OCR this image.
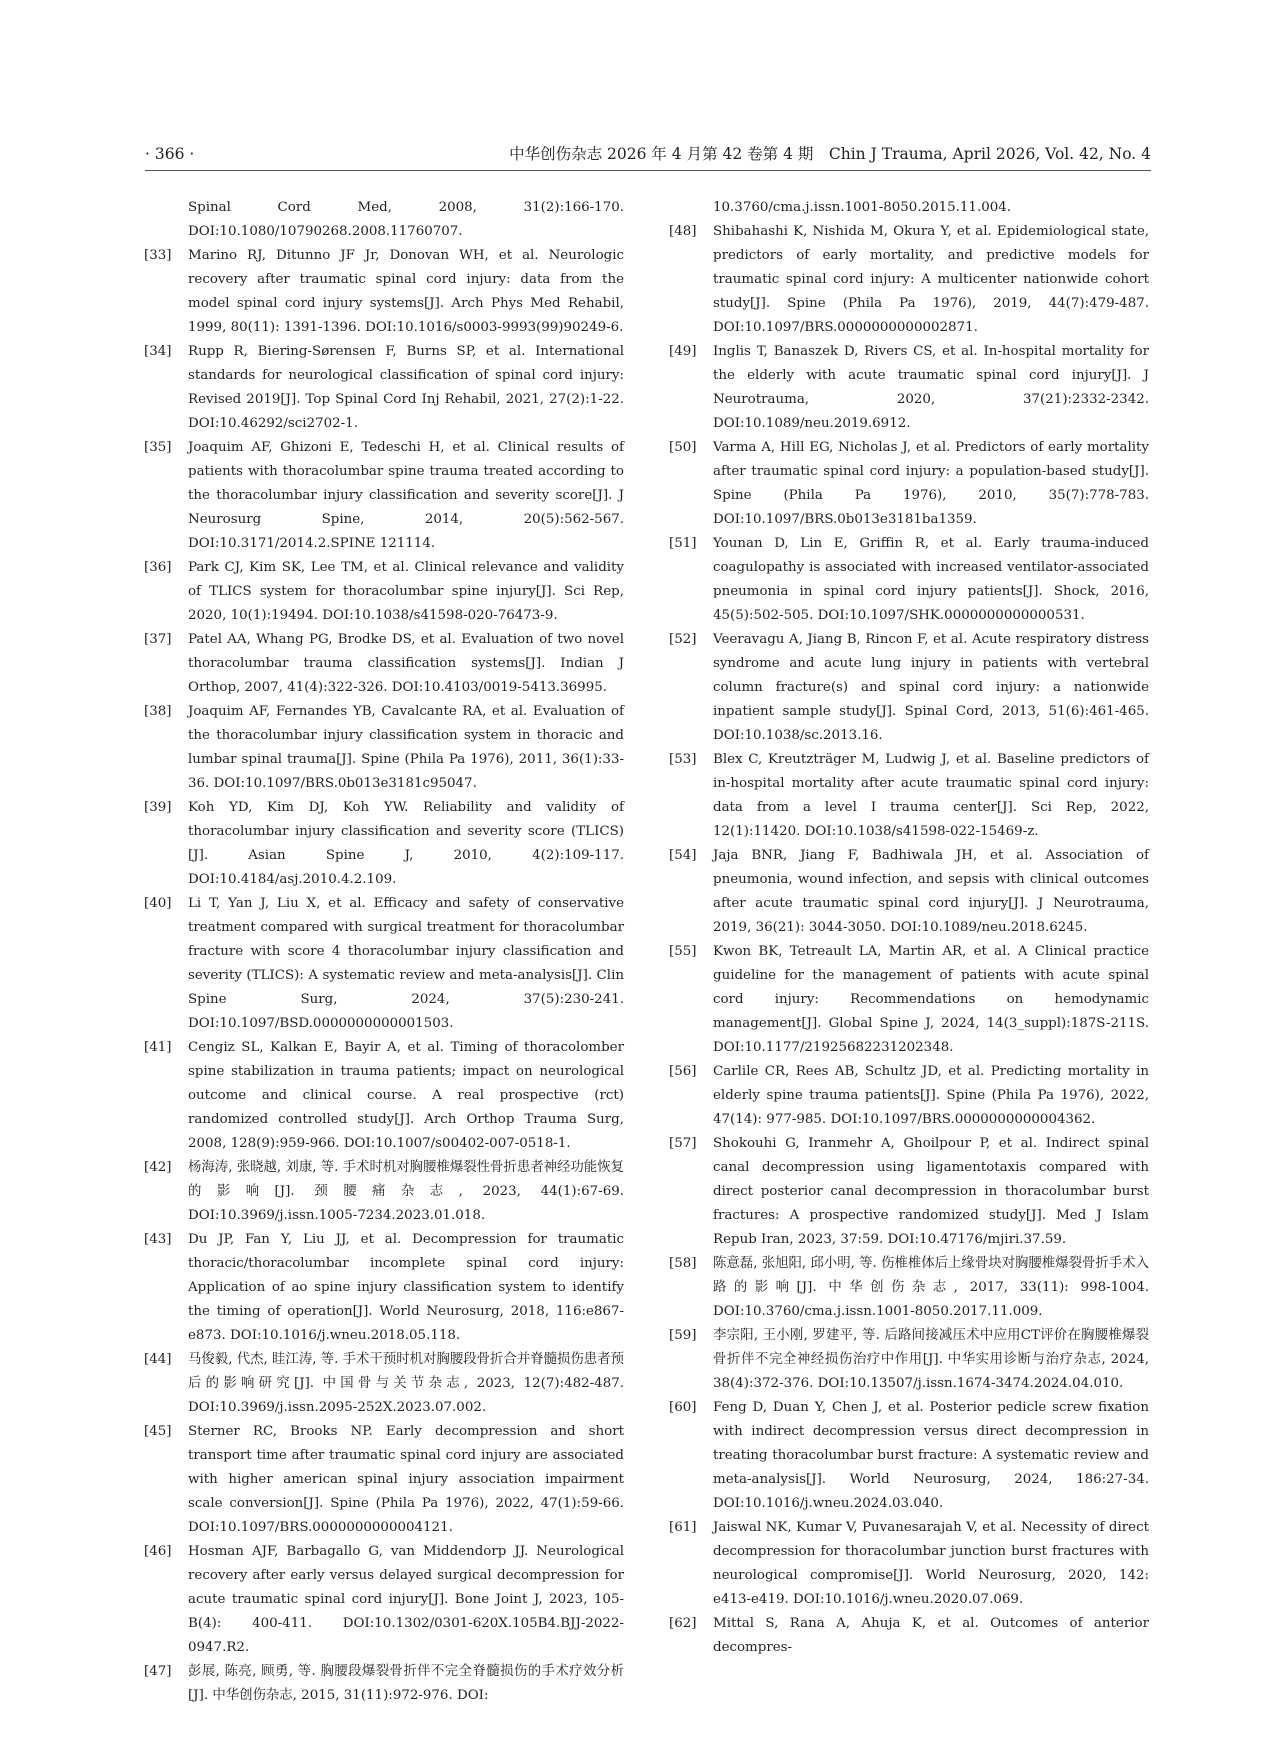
· 366 ·	中华创伤杂志 2026 年 4 月第 42 卷第 4 期　Chin J Trauma, April 2026, Vol. 42, No. 4
Spinal Cord Med, 2008, 31(2):166-170. DOI:10.1080/10790268.2008.11760707.
[33] Marino RJ, Ditunno JF Jr, Donovan WH, et al. Neurologic recovery after traumatic spinal cord injury: data from the model spinal cord injury systems[J]. Arch Phys Med Rehabil, 1999, 80(11): 1391-1396. DOI:10.1016/s0003-9993(99)90249-6.
[34] Rupp R, Biering-Sørensen F, Burns SP, et al. International standards for neurological classification of spinal cord injury: Revised 2019[J]. Top Spinal Cord Inj Rehabil, 2021, 27(2):1-22. DOI:10.46292/sci2702-1.
[35] Joaquim AF, Ghizoni E, Tedeschi H, et al. Clinical results of patients with thoracolumbar spine trauma treated according to the thoracolumbar injury classification and severity score[J]. J Neurosurg Spine, 2014, 20(5):562-567. DOI:10.3171/2014.2.SPINE 121114.
[36] Park CJ, Kim SK, Lee TM, et al. Clinical relevance and validity of TLICS system for thoracolumbar spine injury[J]. Sci Rep, 2020, 10(1):19494. DOI:10.1038/s41598-020-76473-9.
[37] Patel AA, Whang PG, Brodke DS, et al. Evaluation of two novel thoracolumbar trauma classification systems[J]. Indian J Orthop, 2007, 41(4):322-326. DOI:10.4103/0019-5413.36995.
[38] Joaquim AF, Fernandes YB, Cavalcante RA, et al. Evaluation of the thoracolumbar injury classification system in thoracic and lumbar spinal trauma[J]. Spine (Phila Pa 1976), 2011, 36(1):33-36. DOI:10.1097/BRS.0b013e3181c95047.
[39] Koh YD, Kim DJ, Koh YW. Reliability and validity of thoracolumbar injury classification and severity score (TLICS)[J]. Asian Spine J, 2010, 4(2):109-117. DOI:10.4184/asj.2010.4.2.109.
[40] Li T, Yan J, Liu X, et al. Efficacy and safety of conservative treatment compared with surgical treatment for thoracolumbar fracture with score 4 thoracolumbar injury classification and severity (TLICS): A systematic review and meta-analysis[J]. Clin Spine Surg, 2024, 37(5):230-241. DOI:10.1097/BSD.0000000000001503.
[41] Cengiz SL, Kalkan E, Bayir A, et al. Timing of thoracolomber spine stabilization in trauma patients; impact on neurological outcome and clinical course. A real prospective (rct) randomized controlled study[J]. Arch Orthop Trauma Surg, 2008, 128(9):959-966. DOI:10.1007/s00402-007-0518-1.
[42] 杨海涛, 张晓越, 刘康, 等. 手术时机对胸腰椎爆裂性骨折患者神经功能恢复的影响[J]. 颈腰痛杂志, 2023, 44(1):67-69. DOI:10.3969/j.issn.1005-7234.2023.01.018.
[43] Du JP, Fan Y, Liu JJ, et al. Decompression for traumatic thoracic/thoracolumbar incomplete spinal cord injury: Application of ao spine injury classification system to identify the timing of operation[J]. World Neurosurg, 2018, 116:e867-e873. DOI:10.1016/j.wneu.2018.05.118.
[44] 马俊毅, 代杰, 眭江涛, 等. 手术干预时机对胸腰段骨折合并脊髓损伤患者预后的影响研究[J]. 中国骨与关节杂志, 2023, 12(7):482-487. DOI:10.3969/j.issn.2095-252X.2023.07.002.
[45] Sterner RC, Brooks NP. Early decompression and short transport time after traumatic spinal cord injury are associated with higher american spinal injury association impairment scale conversion[J]. Spine (Phila Pa 1976), 2022, 47(1):59-66. DOI:10.1097/BRS.0000000000004121.
[46] Hosman AJF, Barbagallo G, van Middendorp JJ. Neurological recovery after early versus delayed surgical decompression for acute traumatic spinal cord injury[J]. Bone Joint J, 2023, 105-B(4): 400-411. DOI:10.1302/0301-620X.105B4.BJJ-2022-0947.R2.
[47] 彭展, 陈亮, 顾勇, 等. 胸腰段爆裂骨折伴不完全脊髓损伤的手术疗效分析[J]. 中华创伤杂志, 2015, 31(11):972-976. DOI:
10.3760/cma.j.issn.1001-8050.2015.11.004.
[48] Shibahashi K, Nishida M, Okura Y, et al. Epidemiological state, predictors of early mortality, and predictive models for traumatic spinal cord injury: A multicenter nationwide cohort study[J]. Spine (Phila Pa 1976), 2019, 44(7):479-487. DOI:10.1097/BRS.0000000000002871.
[49] Inglis T, Banaszek D, Rivers CS, et al. In-hospital mortality for the elderly with acute traumatic spinal cord injury[J]. J Neurotrauma, 2020, 37(21):2332-2342. DOI:10.1089/neu.2019.6912.
[50] Varma A, Hill EG, Nicholas J, et al. Predictors of early mortality after traumatic spinal cord injury: a population-based study[J]. Spine (Phila Pa 1976), 2010, 35(7):778-783. DOI:10.1097/BRS.0b013e3181ba1359.
[51] Younan D, Lin E, Griffin R, et al. Early trauma-induced coagulopathy is associated with increased ventilator-associated pneumonia in spinal cord injury patients[J]. Shock, 2016, 45(5):502-505. DOI:10.1097/SHK.0000000000000531.
[52] Veeravagu A, Jiang B, Rincon F, et al. Acute respiratory distress syndrome and acute lung injury in patients with vertebral column fracture(s) and spinal cord injury: a nationwide inpatient sample study[J]. Spinal Cord, 2013, 51(6):461-465. DOI:10.1038/sc.2013.16.
[53] Blex C, Kreutzträger M, Ludwig J, et al. Baseline predictors of in-hospital mortality after acute traumatic spinal cord injury: data from a level I trauma center[J]. Sci Rep, 2022, 12(1):11420. DOI:10.1038/s41598-022-15469-z.
[54] Jaja BNR, Jiang F, Badhiwala JH, et al. Association of pneumonia, wound infection, and sepsis with clinical outcomes after acute traumatic spinal cord injury[J]. J Neurotrauma, 2019, 36(21): 3044-3050. DOI:10.1089/neu.2018.6245.
[55] Kwon BK, Tetreault LA, Martin AR, et al. A Clinical practice guideline for the management of patients with acute spinal cord injury: Recommendations on hemodynamic management[J]. Global Spine J, 2024, 14(3_suppl):187S-211S. DOI:10.1177/21925682231202348.
[56] Carlile CR, Rees AB, Schultz JD, et al. Predicting mortality in elderly spine trauma patients[J]. Spine (Phila Pa 1976), 2022, 47(14): 977-985. DOI:10.1097/BRS.0000000000004362.
[57] Shokouhi G, Iranmehr A, Ghoilpour P, et al. Indirect spinal canal decompression using ligamentotaxis compared with direct posterior canal decompression in thoracolumbar burst fractures: A prospective randomized study[J]. Med J Islam Repub Iran, 2023, 37:59. DOI:10.47176/mjiri.37.59.
[58] 陈意磊, 张旭阳, 邱小明, 等. 伤椎椎体后上缘骨块对胸腰椎爆裂骨折手术入路的影响[J]. 中华创伤杂志, 2017, 33(11): 998-1004. DOI:10.3760/cma.j.issn.1001-8050.2017.11.009.
[59] 李宗阳, 王小刚, 罗建平, 等. 后路间接减压术中应用CT评价在胸腰椎爆裂骨折伴不完全神经损伤治疗中作用[J]. 中华实用诊断与治疗杂志, 2024, 38(4):372-376. DOI:10.13507/j.issn.1674-3474.2024.04.010.
[60] Feng D, Duan Y, Chen J, et al. Posterior pedicle screw fixation with indirect decompression versus direct decompression in treating thoracolumbar burst fracture: A systematic review and meta-analysis[J]. World Neurosurg, 2024, 186:27-34. DOI:10.1016/j.wneu.2024.03.040.
[61] Jaiswal NK, Kumar V, Puvanesarajah V, et al. Necessity of direct decompression for thoracolumbar junction burst fractures with neurological compromise[J]. World Neurosurg, 2020, 142: e413-e419. DOI:10.1016/j.wneu.2020.07.069.
[62] Mittal S, Rana A, Ahuja K, et al. Outcomes of anterior decompres-
